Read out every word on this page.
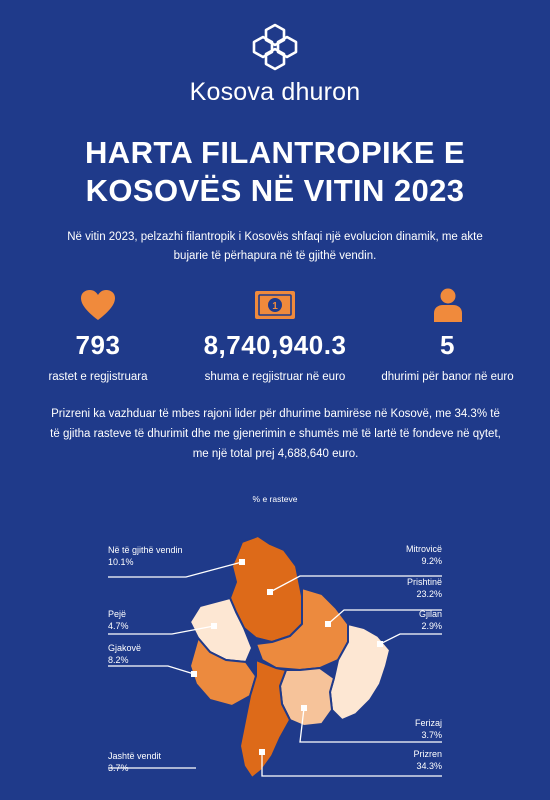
Kosova dhuron
HARTA FILANTROPIKE E
KOSOVËS NË VITIN 2023
Në vitin 2023, pelzazhi filantropik i Kosovës shfaqi një evolucion dinamik, me akte bujarie të përhapura në të gjithë vendin.
793
rastet e regjistruara
1
8,740,940.3
shuma e regjistruar në euro
5
dhurimi për banor në euro
Prizreni ka vazhduar të mbes rajoni lider për dhurime bamirëse në Kosovë, me 34.3% të të gjitha rasteve të dhurimit dhe me gjenerimin e shumës më të lartë të fondeve në qytet, me një total prej 4,688,640 euro.
% e rasteve
Në të gjithë vendin
10.1%
Pejë
4.7%
Gjakovë
8.2%
Jashtë vendit
3.7%
Mitrovicë
9.2%
Prishtinë
23.2%
Gjilan
2.9%
Ferizaj
3.7%
Prizren
34.3%
